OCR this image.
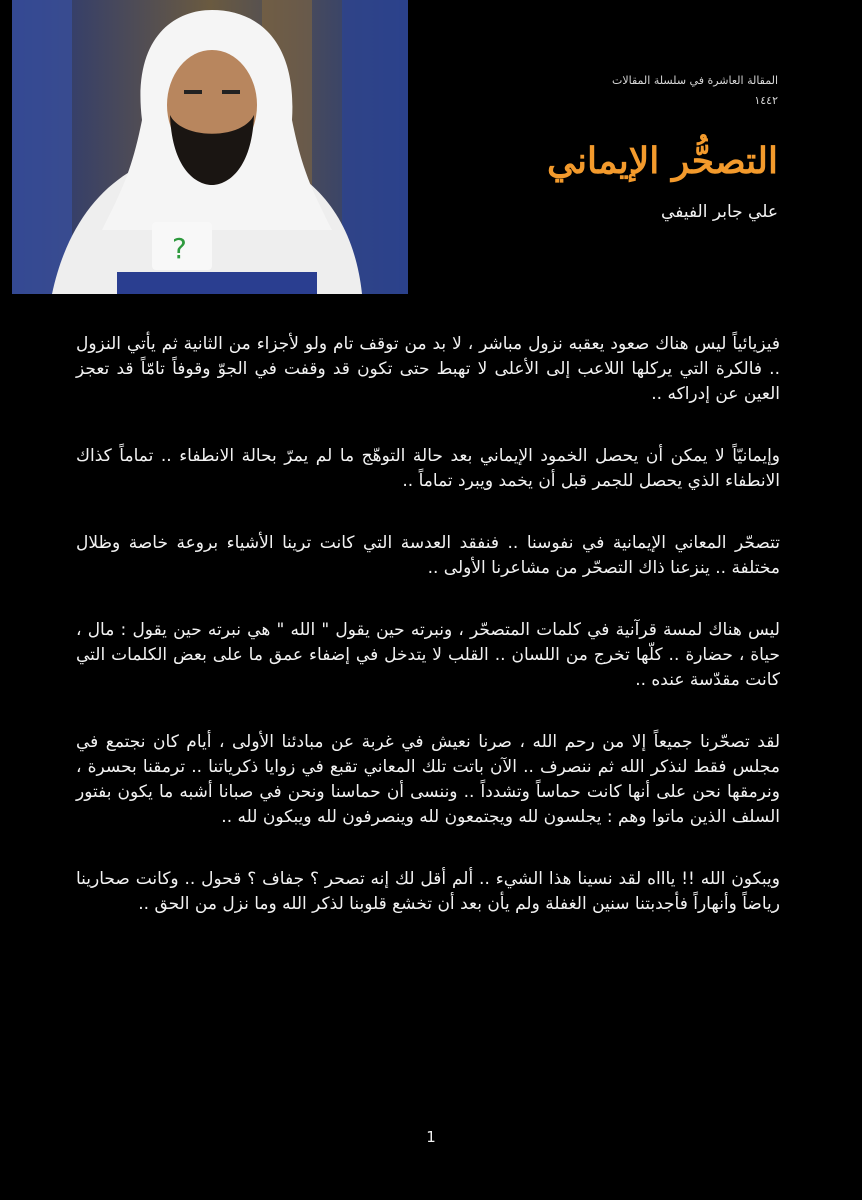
?
المقالة العاشرة في سلسلة المقالات
١٤٤٢
التصحُّر الإيماني
علي جابر الفيفي

فيزيائياً ليس هناك صعود يعقبه نزول مباشر ، لا بد من توقف تام ولو لأجزاء من الثانية ثم يأتي النزول .. فالكرة التي يركلها اللاعب إلى الأعلى لا تهبط حتى تكون قد وقفت في الجوّ وقوفاً تامّاً قد تعجز العين عن إدراكه ..

وإيمانيّاً لا يمكن أن يحصل الخمود الإيماني بعد حالة التوهّج ما لم يمرّ بحالة الانطفاء .. تماماً كذاك الانطفاء الذي يحصل للجمر قبل أن يخمد ويبرد تماماً ..

تتصحّر المعاني الإيمانية في نفوسنا .. فنفقد العدسة التي كانت ترينا الأشياء بروعة خاصة وظلال مختلفة .. ينزعنا ذاك التصحّر من مشاعرنا الأولى ..

ليس هناك لمسة قرآنية في كلمات المتصحّر ، ونبرته حين يقول " الله " هي نبرته حين يقول : مال ، حياة ، حضارة .. كلّها تخرج من اللسان .. القلب لا يتدخل في إضفاء عمق ما على بعض الكلمات التي كانت مقدّسة عنده ..

لقد تصحّرنا جميعاً إلا من رحم الله ، صرنا نعيش في غربة عن مبادئنا الأولى ، أيام كان نجتمع في مجلس فقط لنذكر الله ثم ننصرف .. الآن باتت تلك المعاني تقبع في زوايا ذكرياتنا .. ترمقنا بحسرة ، ونرمقها نحن على أنها كانت حماساً وتشدداً .. وننسى أن حماسنا ونحن في صبانا أشبه ما يكون بفتور السلف الذين ماتوا وهم : يجلسون لله ويجتمعون لله وينصرفون لله ويبكون لله ..

ويبكون الله !! ياااه لقد نسينا هذا الشيء .. ألم أقل لك إنه تصحر ؟ جفاف ؟ قحول .. وكانت صحارينا رياضاً وأنهاراً فأجدبتنا سنين الغفلة ولم يأن بعد أن تخشع قلوبنا لذكر الله وما نزل من الحق ..

1
